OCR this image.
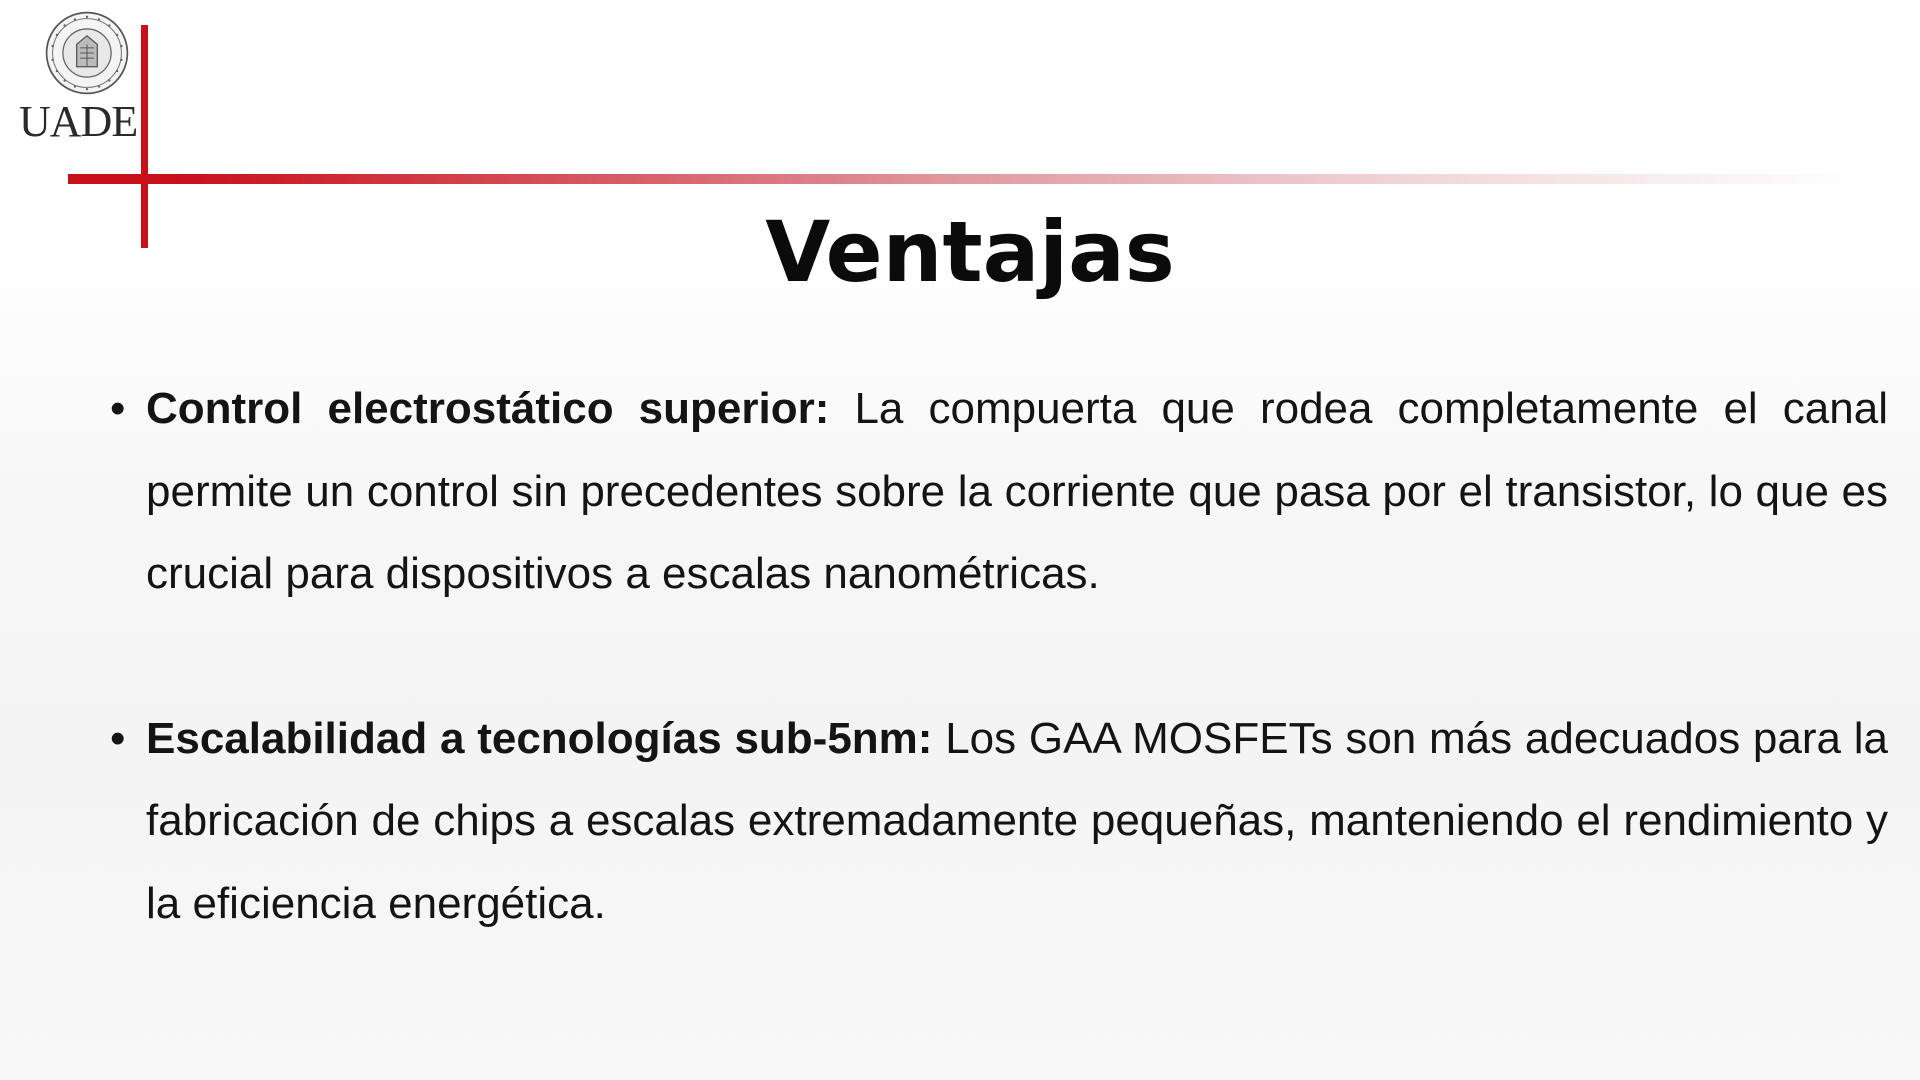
UADE
Ventajas
• Control electrostático superior: La compuerta que rodea completamente el canal permite un control sin precedentes sobre la corriente que pasa por el transistor, lo que es crucial para dispositivos a escalas nanométricas.
• Escalabilidad a tecnologías sub-5nm: Los GAA MOSFETs son más adecuados para la fabricación de chips a escalas extremadamente pequeñas, manteniendo el rendimiento y la eficiencia energética.
